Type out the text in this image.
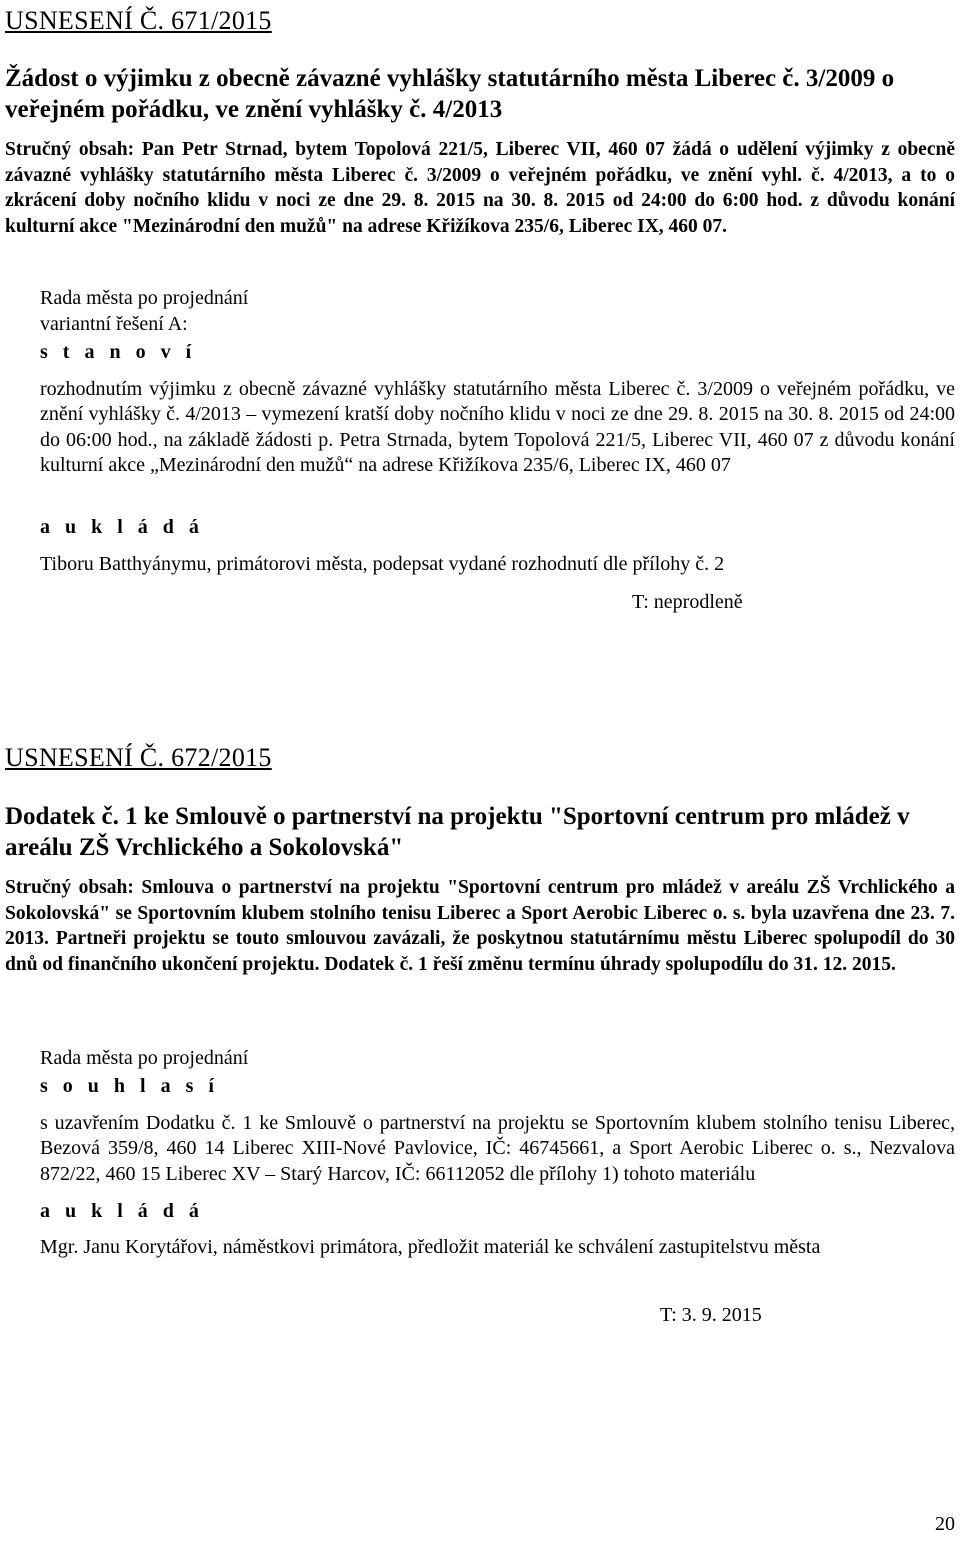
USNESENÍ Č. 671/2015
Žádost o výjimku z obecně závazné vyhlášky statutárního města Liberec č. 3/2009 o veřejném pořádku, ve znění vyhlášky č. 4/2013
Stručný obsah: Pan Petr Strnad, bytem Topolová 221/5, Liberec VII, 460 07 žádá o udělení výjimky z obecně závazné vyhlášky statutárního města Liberec č. 3/2009 o veřejném pořádku, ve znění vyhl. č. 4/2013, a to o zkrácení doby nočního klidu v noci ze dne 29. 8. 2015 na 30. 8. 2015 od 24:00 do 6:00 hod. z důvodu konání kulturní akce "Mezinárodní den mužů" na adrese Křižíkova 235/6, Liberec IX, 460 07.
Rada města po projednání
variantní řešení A:
s t a n o v í
rozhodnutím výjimku z obecně závazné vyhlášky statutárního města Liberec č. 3/2009 o veřejném pořádku, ve znění vyhlášky č. 4/2013 – vymezení kratší doby nočního klidu v noci ze dne 29. 8. 2015 na 30. 8. 2015 od 24:00 do 06:00 hod., na základě žádosti p. Petra Strnada, bytem Topolová 221/5, Liberec VII, 460 07 z důvodu konání kulturní akce „Mezinárodní den mužů“ na adrese Křižíkova 235/6, Liberec IX, 460 07
a u k l á d á
Tiboru Batthyánymu, primátorovi města, podepsat vydané rozhodnutí dle přílohy č. 2
T: neprodleně
USNESENÍ Č. 672/2015
Dodatek č. 1 ke Smlouvě o partnerství na projektu "Sportovní centrum pro mládež v areálu ZŠ Vrchlického a Sokolovská"
Stručný obsah: Smlouva o partnerství na projektu "Sportovní centrum pro mládež v areálu ZŠ Vrchlického a Sokolovská" se Sportovním klubem stolního tenisu Liberec a Sport Aerobic Liberec o. s. byla uzavřena dne 23. 7. 2013. Partneři projektu se touto smlouvou zavázali, že poskytnou statutárnímu městu Liberec spolupodíl do 30 dnů od finančního ukončení projektu. Dodatek č. 1 řeší změnu termínu úhrady spolupodílu do 31. 12. 2015.
Rada města po projednání
s o u h l a s í
s uzavřením Dodatku č. 1 ke Smlouvě o partnerství na projektu se Sportovním klubem stolního tenisu Liberec, Bezová 359/8, 460 14 Liberec XIII-Nové Pavlovice, IČ: 46745661, a Sport Aerobic Liberec o. s., Nezvalova 872/22, 460 15 Liberec XV – Starý Harcov, IČ: 66112052 dle přílohy 1) tohoto materiálu
a u k l á d á
Mgr. Janu Korytářovi, náměstkovi primátora, předložit materiál ke schválení zastupitelstvu města
T: 3. 9. 2015
20
